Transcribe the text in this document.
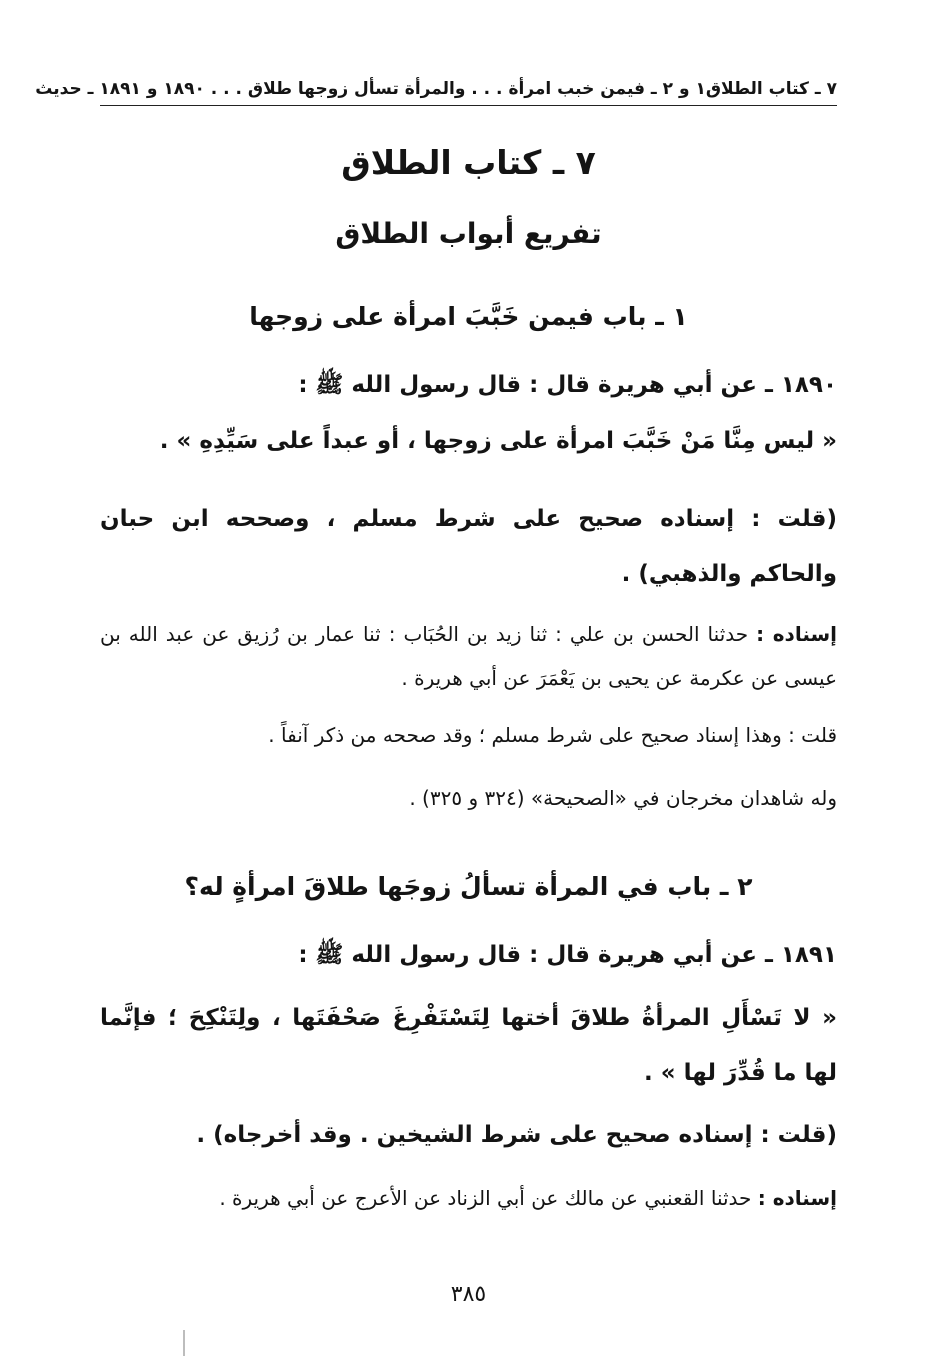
٧ ـ كتاب الطلاق
١ و ٢ ـ فيمن خبب امرأة . . . والمرأة تسأل زوجها طلاق . . . ١٨٩٠ و ١٨٩١ ـ حديث
٧ ـ كتاب الطلاق
تفريع أبواب الطلاق
١ ـ باب فيمن خَبَّبَ امرأة على زوجها
١٨٩٠ ـ عن أبي هريرة قال : قال رسول الله ﷺ :
« ليس مِنَّا مَنْ خَبَّبَ امرأة على زوجها ، أو عبداً على سَيِّدِهِ » .
(قلت : إسناده صحيح على شرط مسلم ، وصححه ابن حبان والحاكم والذهبي) .
إسناده : حدثنا الحسن بن علي : ثنا زيد بن الحُبَاب : ثنا عمار بن رُزيق عن عبد الله بن عيسى عن عكرمة عن يحيى بن يَعْمَرَ عن أبي هريرة .
قلت : وهذا إسناد صحيح على شرط مسلم ؛ وقد صححه من ذكر آنفاً .
وله شاهدان مخرجان في «الصحيحة» (٣٢٤ و ٣٢٥) .
٢ ـ باب في المرأة تسألُ زوجَها طلاقَ امرأةٍ له؟
١٨٩١ ـ عن أبي هريرة قال : قال رسول الله ﷺ :
« لا تَسْأَلِ المرأةُ طلاقَ أختها لِتَسْتَفْرِغَ صَحْفَتَها ، ولِتَنْكِحَ ؛ فإنَّما لها ما قُدِّرَ لها » .
(قلت : إسناده صحيح على شرط الشيخين . وقد أخرجاه) .
إسناده : حدثنا القعنبي عن مالك عن أبي الزناد عن الأعرج عن أبي هريرة .
٣٨٥
